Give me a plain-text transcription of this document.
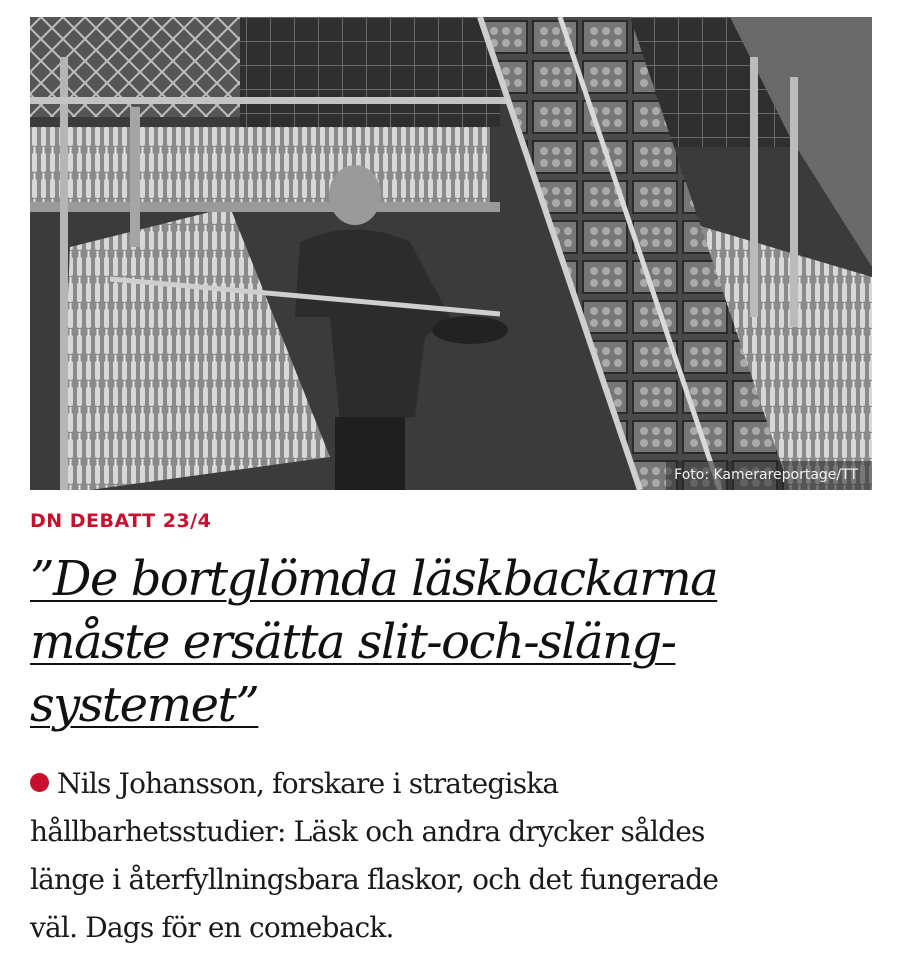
Foto: Kamerareportage/TT
DN DEBATT 23/4
”De bortglömda läskbackarna
måste ersätta slit-och-släng-
systemet”

Nils Johansson, forskare i strategiska
hållbarhetsstudier: Läsk och andra drycker såldes
länge i återfyllningsbara flaskor, och det fungerade
väl. Dags för en comeback.
